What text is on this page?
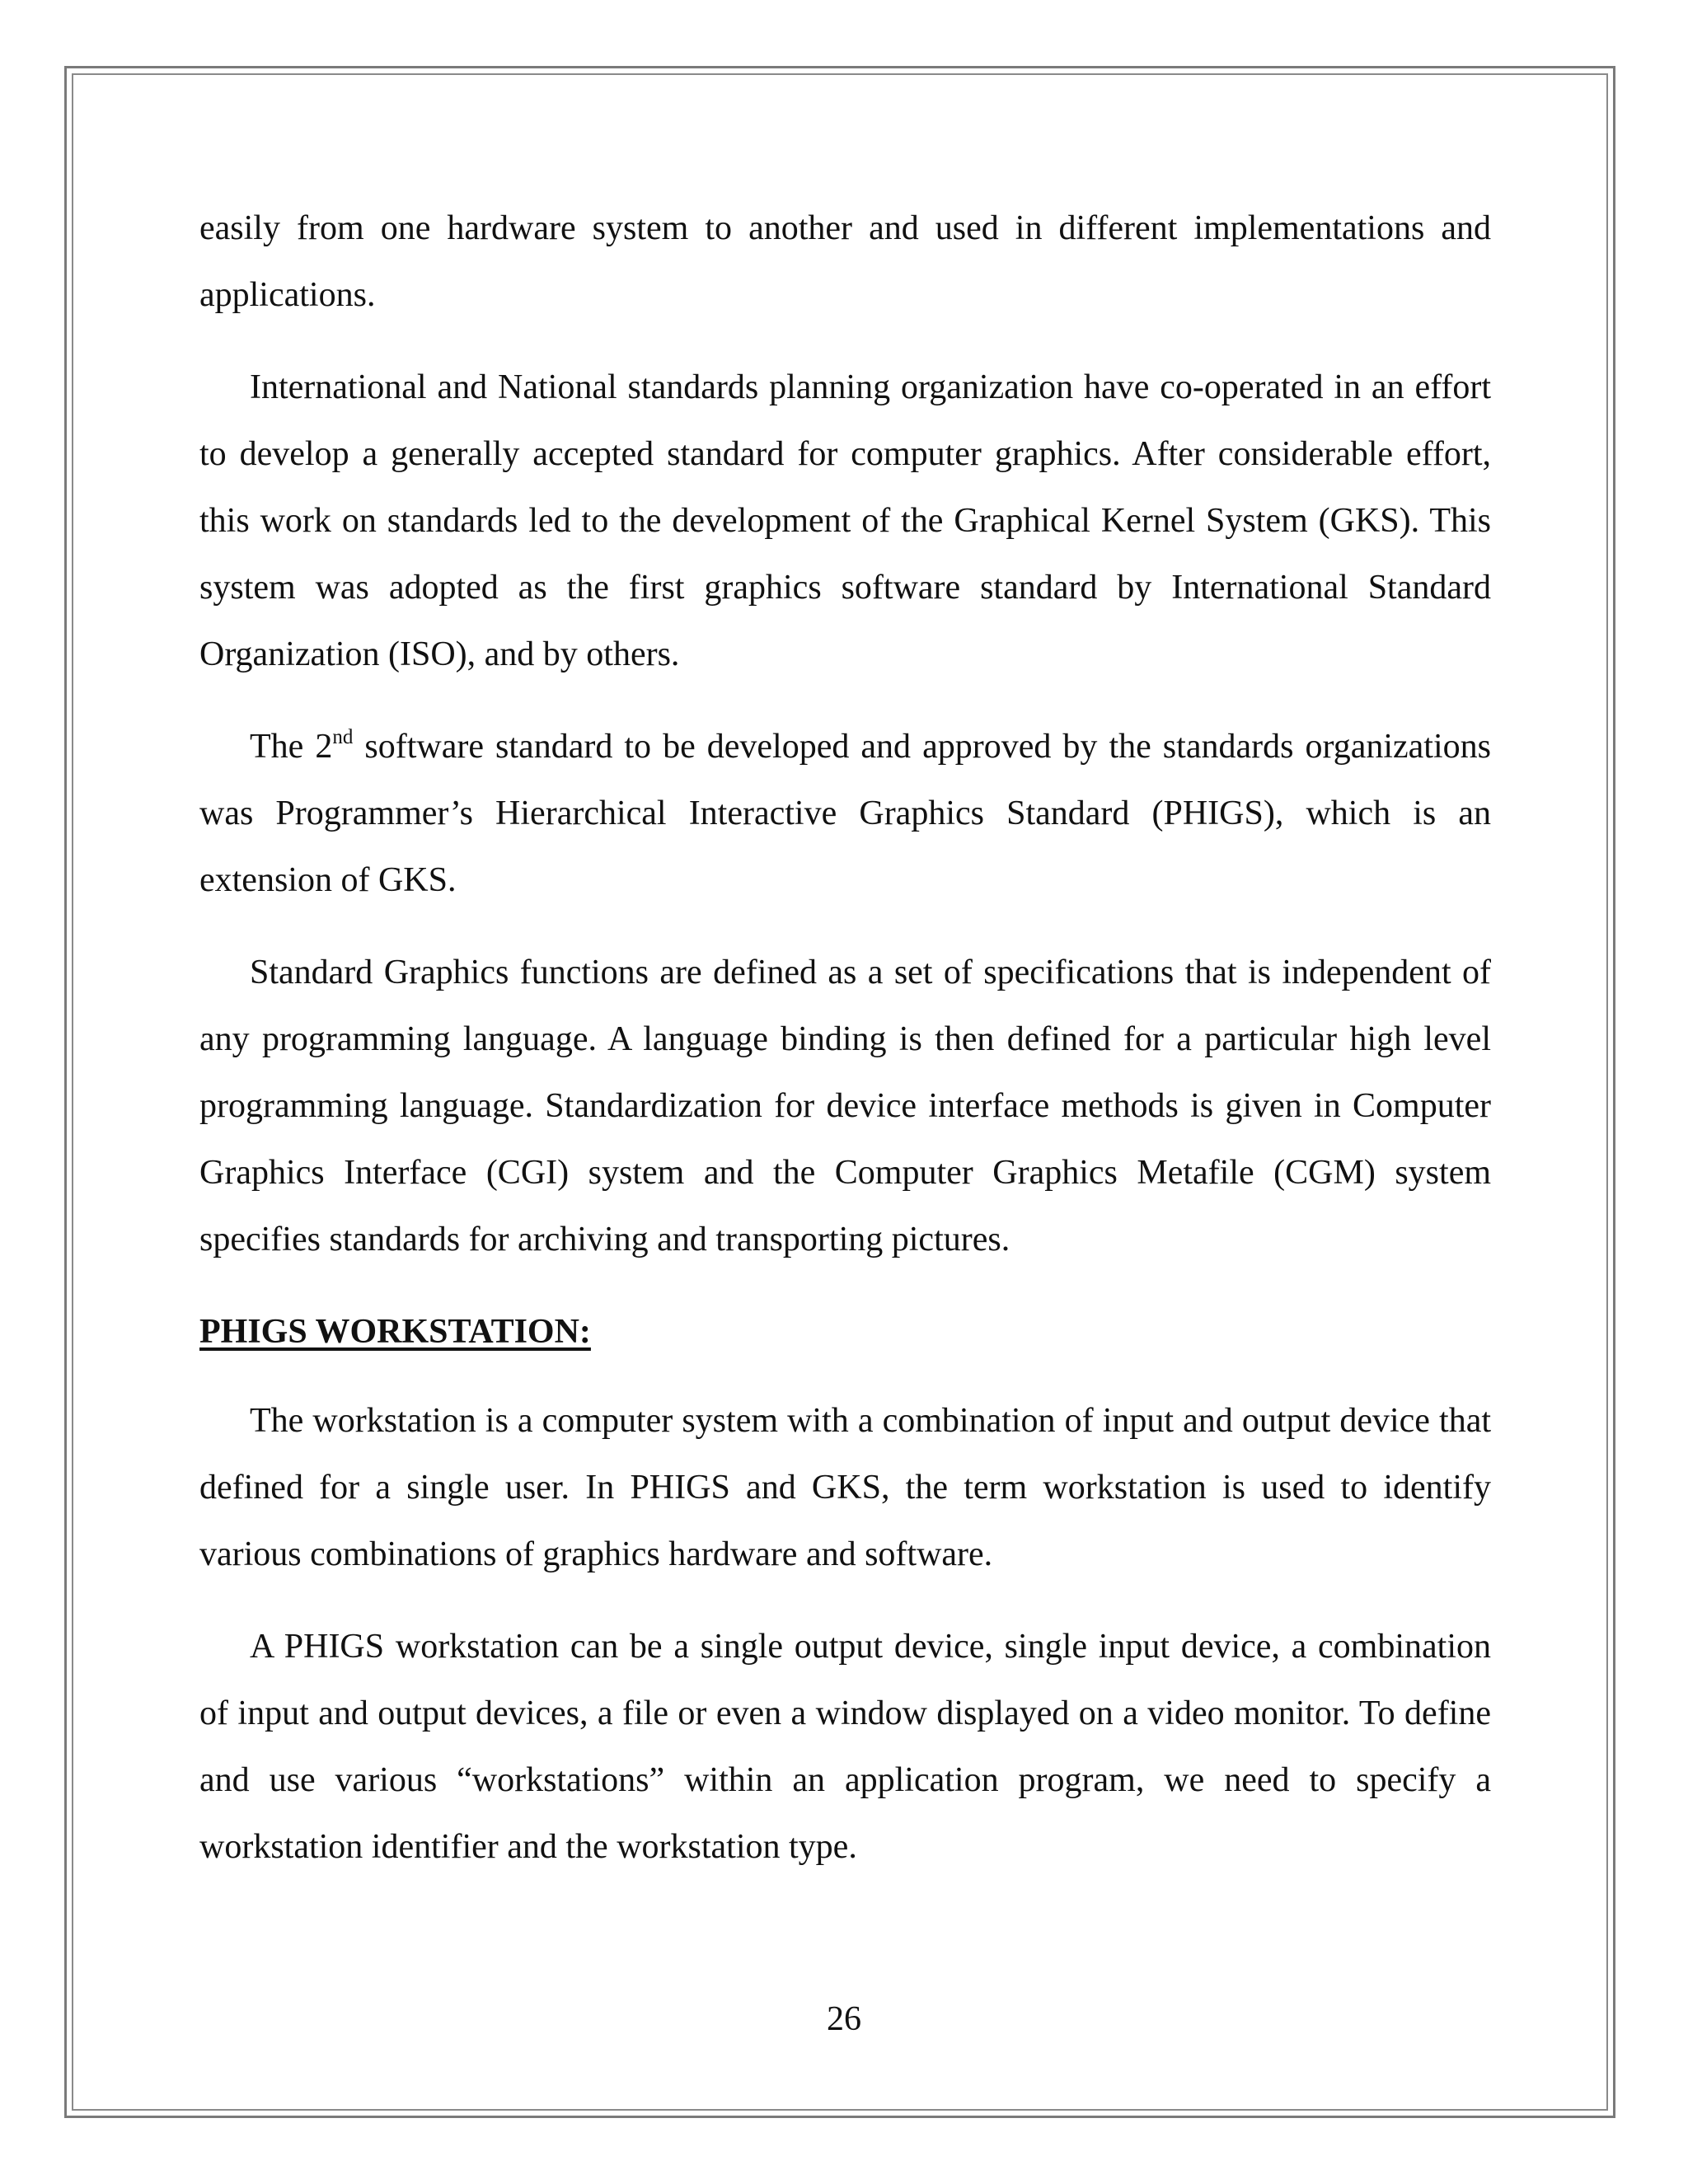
easily from one hardware system to another and used in different implementations and applications.

International and National standards planning organization have co-operated in an effort to develop a generally accepted standard for computer graphics. After considerable effort, this work on standards led to the development of the Graphical Kernel System (GKS). This system was adopted as the first graphics software standard by International Standard Organization (ISO), and by others.

The 2nd software standard to be developed and approved by the standards organizations was Programmer’s Hierarchical Interactive Graphics Standard (PHIGS), which is an extension of GKS.

Standard Graphics functions are defined as a set of specifications that is independent of any programming language. A language binding is then defined for a particular high level programming language. Standardization for device interface methods is given in Computer Graphics Interface (CGI) system and the Computer Graphics Metafile (CGM) system specifies standards for archiving and transporting pictures.

PHIGS WORKSTATION:

The workstation is a computer system with a combination of input and output device that defined for a single user. In PHIGS and GKS, the term workstation is used to identify various combinations of graphics hardware and software.

A PHIGS workstation can be a single output device, single input device, a combination of input and output devices, a file or even a window displayed on a video monitor. To define and use various “workstations” within an application program, we need to specify a workstation identifier and the workstation type.

26
